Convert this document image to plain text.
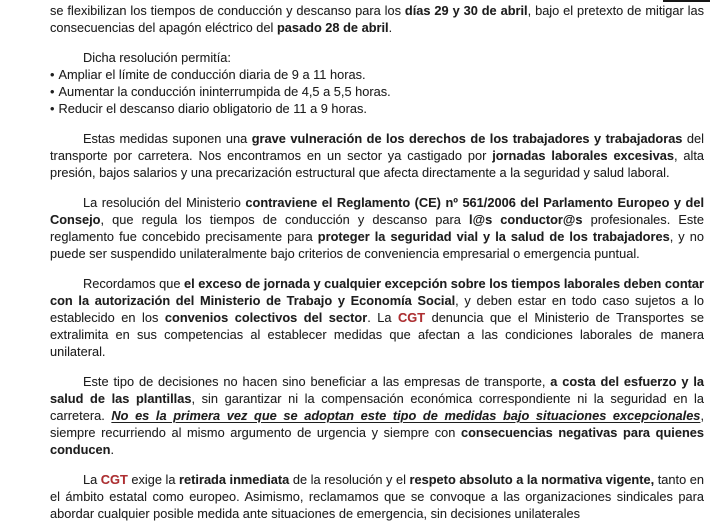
se flexibilizan los tiempos de conducción y descanso para los días 29 y 30 de abril, bajo el pretexto de mitigar las consecuencias del apagón eléctrico del pasado 28 de abril.
Dicha resolución permitía:
• Ampliar el límite de conducción diaria de 9 a 11 horas.
• Aumentar la conducción ininterrumpida de 4,5 a 5,5 horas.
• Reducir el descanso diario obligatorio de 11 a 9 horas.
Estas medidas suponen una grave vulneración de los derechos de los trabajadores y trabajadoras del transporte por carretera. Nos encontramos en un sector ya castigado por jornadas laborales excesivas, alta presión, bajos salarios y una precarización estructural que afecta directamente a la seguridad y salud laboral.
La resolución del Ministerio contraviene el Reglamento (CE) nº 561/2006 del Parlamento Europeo y del Consejo, que regula los tiempos de conducción y descanso para l@s conductor@s profesionales. Este reglamento fue concebido precisamente para proteger la seguridad vial y la salud de los trabajadores, y no puede ser suspendido unilateralmente bajo criterios de conveniencia empresarial o emergencia puntual.
Recordamos que el exceso de jornada y cualquier excepción sobre los tiempos laborales deben contar con la autorización del Ministerio de Trabajo y Economía Social, y deben estar en todo caso sujetos a lo establecido en los convenios colectivos del sector. La CGT denuncia que el Ministerio de Transportes se extralimita en sus competencias al establecer medidas que afectan a las condiciones laborales de manera unilateral.
Este tipo de decisiones no hacen sino beneficiar a las empresas de transporte, a costa del esfuerzo y la salud de las plantillas, sin garantizar ni la compensación económica correspondiente ni la seguridad en la carretera. No es la primera vez que se adoptan este tipo de medidas bajo situaciones excepcionales, siempre recurriendo al mismo argumento de urgencia y siempre con consecuencias negativas para quienes conducen.
La CGT exige la retirada inmediata de la resolución y el respeto absoluto a la normativa vigente, tanto en el ámbito estatal como europeo. Asimismo, reclamamos que se convoque a las organizaciones sindicales para abordar cualquier posible medida ante situaciones de emergencia, sin decisiones unilaterales
